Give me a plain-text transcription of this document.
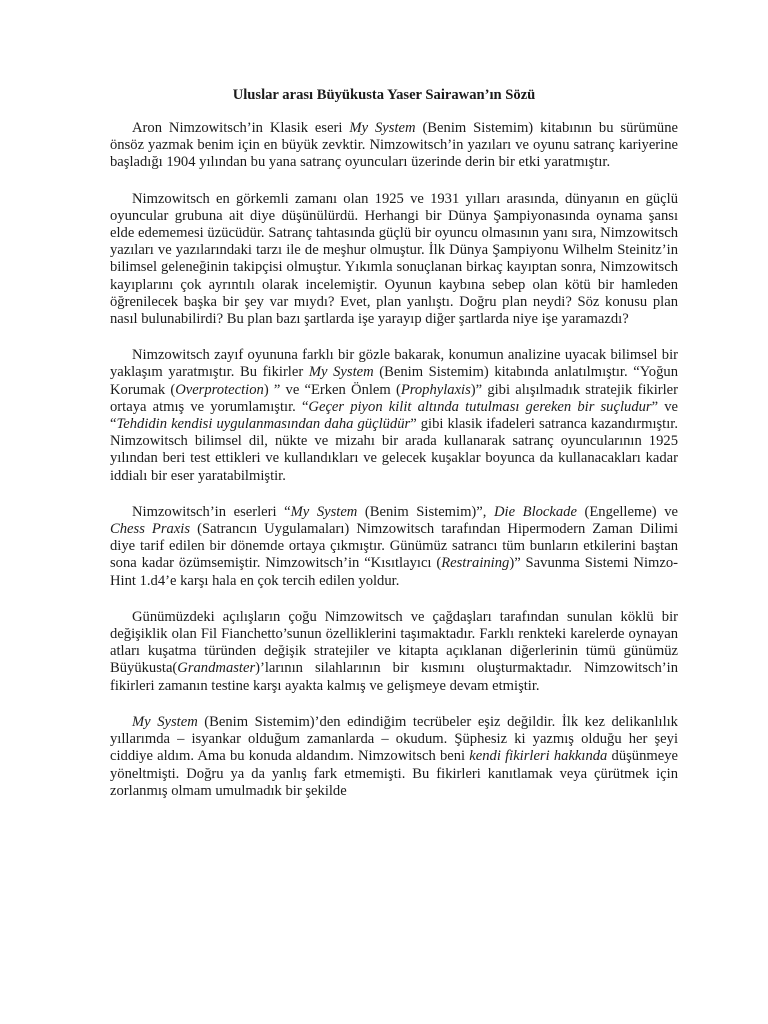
Uluslar arası Büyükusta Yaser Sairawan’ın Sözü

Aron Nimzowitsch’in Klasik eseri My System (Benim Sistemim) kitabının bu sürümüne önsöz yazmak benim için en büyük zevktir. Nimzowitsch’in yazıları ve oyunu satranç kariyerine başladığı 1904 yılından bu yana satranç oyuncuları üzerinde derin bir etki yaratmıştır.

Nimzowitsch en görkemli zamanı olan 1925 ve 1931 yılları arasında, dünyanın en güçlü oyuncular grubuna ait diye düşünülürdü. Herhangi bir Dünya Şampiyonasında oynama şansı elde edememesi üzücüdür. Satranç tahtasında güçlü bir oyuncu olmasının yanı sıra, Nimzowitsch yazıları ve yazılarındaki tarzı ile de meşhur olmuştur. İlk Dünya Şampiyonu Wilhelm Steinitz’in bilimsel geleneğinin takipçisi olmuştur. Yıkımla sonuçlanan birkaç kayıptan sonra, Nimzowitsch kayıplarını çok ayrıntılı olarak incelemiştir. Oyunun kaybına sebep olan kötü bir hamleden öğrenilecek başka bir şey var mıydı? Evet, plan yanlıştı. Doğru plan neydi? Söz konusu plan nasıl bulunabilirdi? Bu plan bazı şartlarda işe yarayıp diğer şartlarda niye işe yaramazdı?

Nimzowitsch zayıf oyununa farklı bir gözle bakarak, konumun analizine uyacak bilimsel bir yaklaşım yaratmıştır. Bu fikirler My System (Benim Sistemim) kitabında anlatılmıştır. “Yoğun Korumak (Overprotection) ” ve “Erken Önlem (Prophylaxis)” gibi alışılmadık stratejik fikirler ortaya atmış ve yorumlamıştır. “Geçer piyon kilit altında tutulması gereken bir suçludur” ve “Tehdidin kendisi uygulanmasından daha güçlüdür” gibi klasik ifadeleri satranca kazandırmıştır. Nimzowitsch bilimsel dil, nükte ve mizahı bir arada kullanarak satranç oyuncularının 1925 yılından beri test ettikleri ve kullandıkları ve gelecek kuşaklar boyunca da kullanacakları kadar iddialı bir eser yaratabilmiştir.

Nimzowitsch’in eserleri “My System (Benim Sistemim)”, Die Blockade (Engelleme) ve Chess Praxis (Satrancın Uygulamaları) Nimzowitsch tarafından Hipermodern Zaman Dilimi diye tarif edilen bir dönemde ortaya çıkmıştır. Günümüz satrancı tüm bunların etkilerini baştan sona kadar özümsemiştir. Nimzowitsch’in “Kısıtlayıcı (Restraining)” Savunma Sistemi Nimzo-Hint 1.d4’e karşı hala en çok tercih edilen yoldur.

Günümüzdeki açılışların çoğu Nimzowitsch ve çağdaşları tarafından sunulan köklü bir değişiklik olan Fil Fianchetto’sunun özelliklerini taşımaktadır. Farklı renkteki karelerde oynayan atları kuşatma türünden değişik stratejiler ve kitapta açıklanan diğerlerinin tümü günümüz Büyükusta(Grandmaster)’larının silahlarının bir kısmını oluşturmaktadır. Nimzowitsch’in fikirleri zamanın testine karşı ayakta kalmış ve gelişmeye devam etmiştir.

My System (Benim Sistemim)’den edindiğim tecrübeler eşiz değildir. İlk kez delikanlılık yıllarımda – isyankar olduğum zamanlarda – okudum. Şüphesiz ki yazmış olduğu her şeyi ciddiye aldım. Ama bu konuda aldandım. Nimzowitsch beni kendi fikirleri hakkında düşünmeye yöneltmişti. Doğru ya da yanlış fark etmemişti. Bu fikirleri kanıtlamak veya çürütmek için zorlanmış olmam umulmadık bir şekilde
